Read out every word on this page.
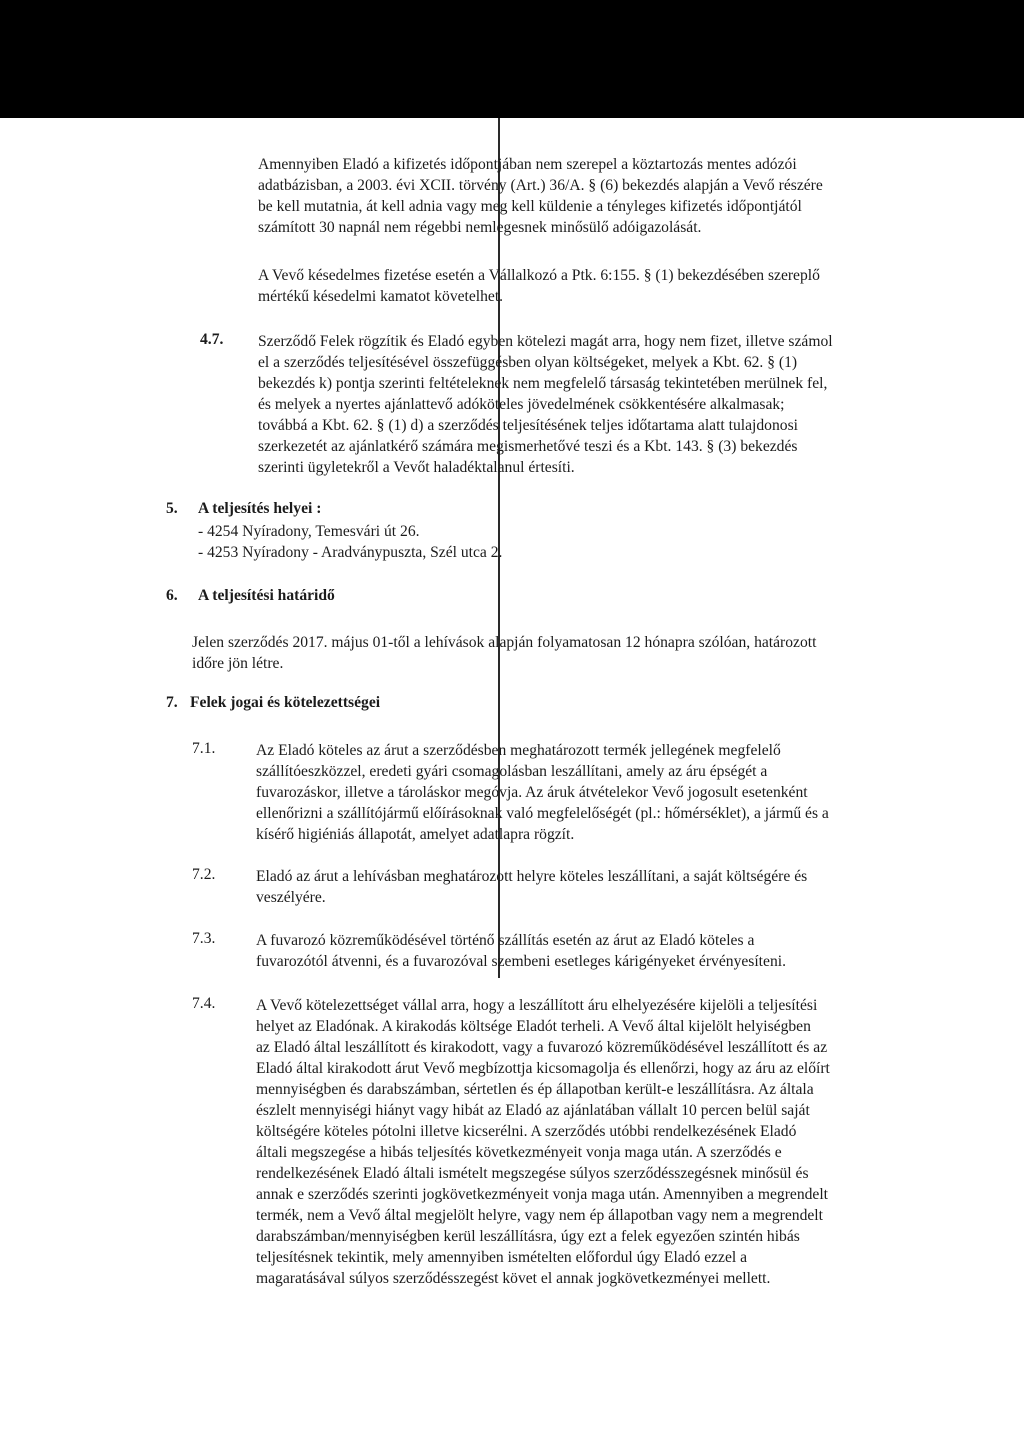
Amennyiben Eladó a kifizetés időpontjában nem szerepel a köztartozás mentes adózói
adatbázisban, a 2003. évi XCII. törvény (Art.) 36/A. § (6) bekezdés alapján a Vevő részére
be kell mutatnia, át kell adnia vagy meg kell küldenie a tényleges kifizetés időpontjától
számított 30 napnál nem régebbi nemlegesnek minősülő adóigazolását.
A Vevő késedelmes fizetése esetén a Vállalkozó a Ptk. 6:155. § (1) bekezdésében szereplő
mértékű késedelmi kamatot követelhet.
4.7. Szerződő Felek rögzítik és Eladó egyben kötelezi magát arra, hogy nem fizet, illetve számol
el a szerződés teljesítésével összefüggésben olyan költségeket, melyek a Kbt. 62. § (1)
bekezdés k) pontja szerinti feltételeknek nem megfelelő társaság tekintetében merülnek fel,
és melyek a nyertes ajánlattevő adóköteles jövedelmének csökkentésére alkalmasak;
továbbá a Kbt. 62. § (1) d) a szerződés teljesítésének teljes időtartama alatt tulajdonosi
szerkezetét az ajánlatkérő számára megismerhetővé teszi és a Kbt. 143. § (3) bekezdés
szerinti ügyletekről a Vevőt haladéktalanul értesíti.
5. A teljesítés helyei :
- 4254 Nyíradony, Temesvári út 26.
- 4253 Nyíradony - Aradványpuszta, Szél utca 2.
6. A teljesítési határidő
Jelen szerződés 2017. május 01-től a lehívások alapján folyamatosan 12 hónapra szólóan, határozott
időre jön létre.
7. Felek jogai és kötelezettségei
7.1.	Az Eladó köteles az árut a szerződésben meghatározott termék jellegének megfelelő
szállítóeszközzel, eredeti gyári csomagolásban leszállítani, amely az áru épségét a
fuvarozáskor, illetve a tároláskor megóvja. Az áruk átvételekor Vevő jogosult esetenként
ellenőrizni a szállítójármű előírásoknak való megfelelőségét (pl.: hőmérséklet), a jármű és a
kísérő higiéniás állapotát, amelyet adatlapra rögzít.
7.2.	Eladó az árut a lehívásban meghatározott helyre köteles leszállítani, a saját költségére és
veszélyére.
7.3.	A fuvarozó közreműködésével történő szállítás esetén az árut az Eladó köteles a
fuvarozótól átvenni, és a fuvarozóval szembeni esetleges kárigényeket érvényesíteni.
7.4.	A Vevő kötelezettséget vállal arra, hogy a leszállított áru elhelyezésére kijelöli a teljesítési
helyet az Eladónak. A kirakodás költsége Eladót terheli. A Vevő által kijelölt helyiségben
az Eladó által leszállított és kirakodott, vagy a fuvarozó közreműködésével leszállított és az
Eladó által kirakodott árut Vevő megbízottja kicsomagolja és ellenőrzi, hogy az áru az előírt
mennyiségben és darabszámban, sértetlen és ép állapotban került-e leszállításra. Az általa
észlelt mennyiségi hiányt vagy hibát az Eladó az ajánlatában vállalt 10 percen belül saját
költségére köteles pótolni illetve kicserélni. A szerződés utóbbi rendelkezésének Eladó
általi megszegése a hibás teljesítés következményeit vonja maga után. A szerződés e
rendelkezésének Eladó általi ismételt megszegése súlyos szerződésszegésnek minősül és
annak e szerződés szerinti jogkövetkezményeit vonja maga után. Amennyiben a megrendelt
termék, nem a Vevő által megjelölt helyre, vagy nem ép állapotban vagy nem a megrendelt
darabszámban/mennyiségben kerül leszállításra, úgy ezt a felek egyezően szintén hibás
teljesítésnek tekintik, mely amennyiben ismételten előfordul úgy Eladó ezzel a
magaratásával súlyos szerződésszegést követ el annak jogkövetkezményei mellett.
